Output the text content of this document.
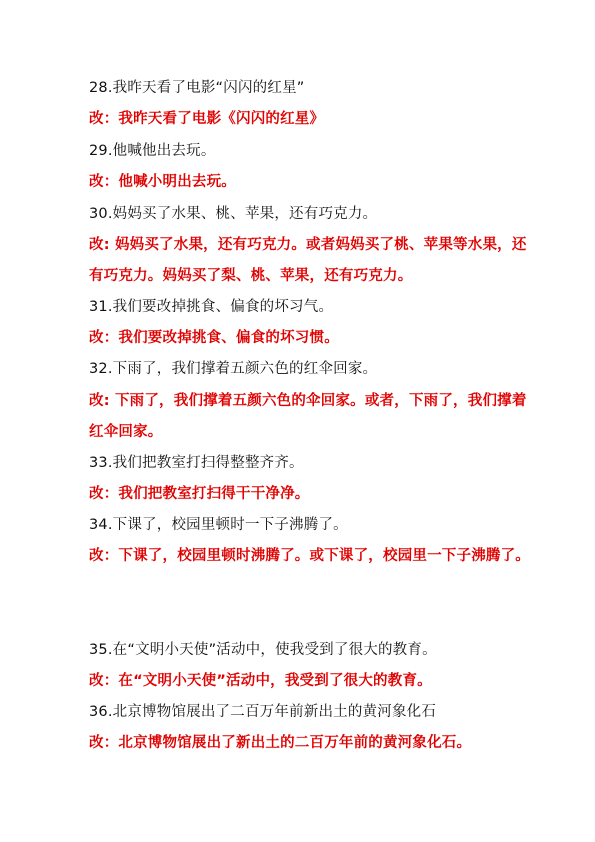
28.我昨天看了电影“闪闪的红星”
改：我昨天看了电影《闪闪的红星》
29.他喊他出去玩。
改：他喊小明出去玩。
30.妈妈买了水果、桃、苹果，还有巧克力。
改: 妈妈买了水果，还有巧克力。或者妈妈买了桃、苹果等水果，还
有巧克力。妈妈买了梨、桃、苹果，还有巧克力。
31.我们要改掉挑食、偏食的坏习气。
改：我们要改掉挑食、偏食的坏习惯。
32.下雨了，我们撑着五颜六色的红伞回家。
改: 下雨了，我们撑着五颜六色的伞回家。或者，下雨了，我们撑着
红伞回家。
33.我们把教室打扫得整整齐齐。
改：我们把教室打扫得干干净净。
34.下课了，校园里顿时一下子沸腾了。
改：下课了，校园里顿时沸腾了。或下课了，校园里一下子沸腾了。
35.在“文明小天使”活动中，使我受到了很大的教育。
改：在“文明小天使”活动中，我受到了很大的教育。
36.北京博物馆展出了二百万年前新出土的黄河象化石
改：北京博物馆展出了新出土的二百万年前的黄河象化石。
